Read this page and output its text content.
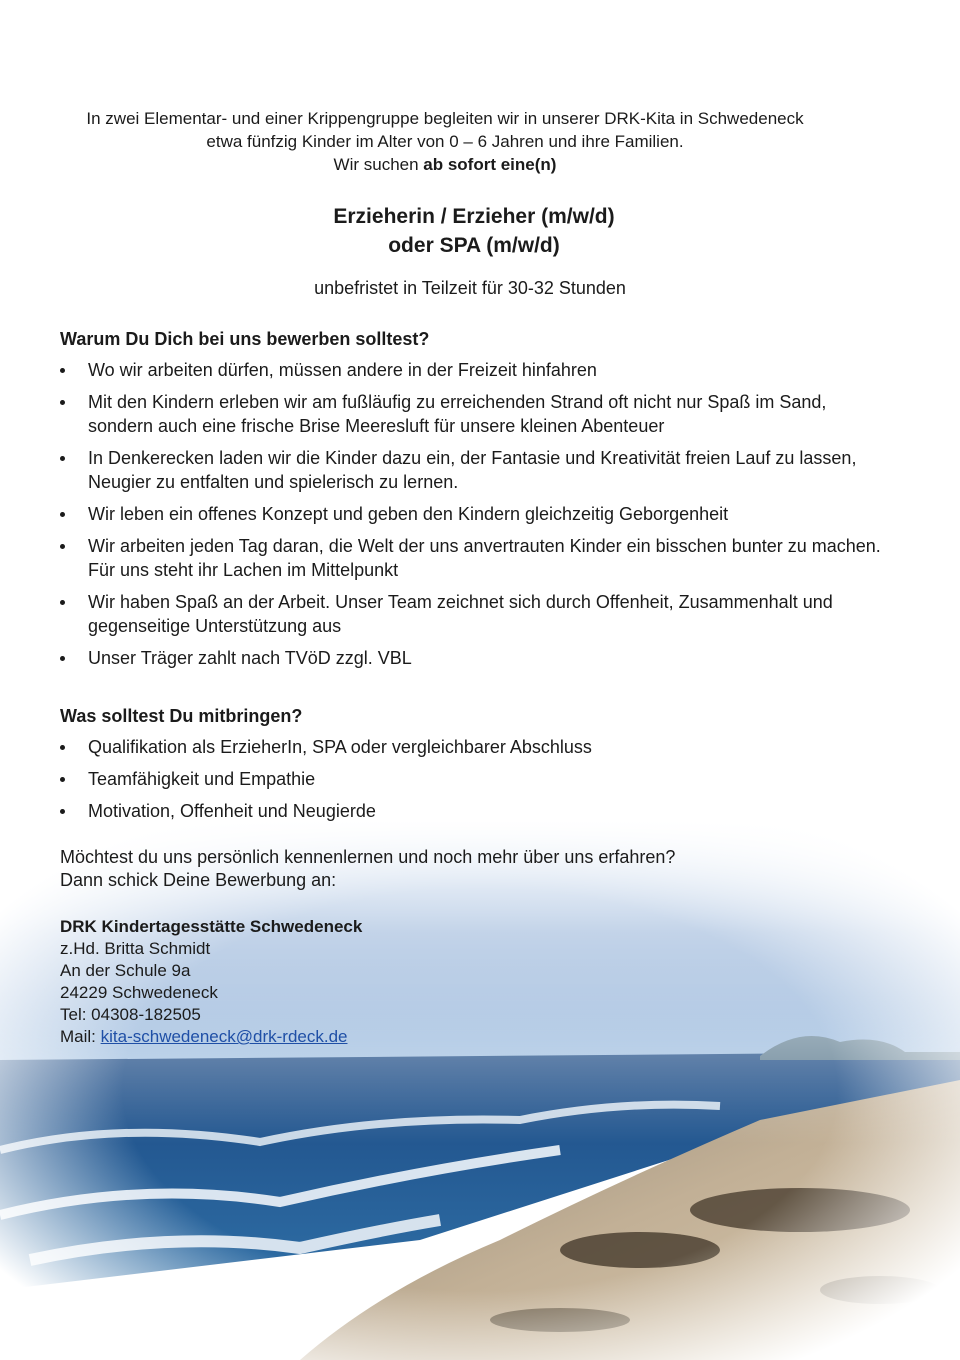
In zwei Elementar- und einer Krippengruppe begleiten wir in unserer DRK-Kita in Schwedeneck

etwa fünfzig Kinder im Alter von 0 – 6 Jahren und ihre Familien.

Wir suchen ab sofort eine(n)

Erzieherin / Erzieher (m/w/d)

oder SPA (m/w/d)

unbefristet in Teilzeit für 30-32 Stunden
Warum Du Dich bei uns bewerben solltest?
Wo wir arbeiten dürfen, müssen andere in der Freizeit hinfahren
Mit den Kindern erleben wir am fußläufig zu erreichenden Strand oft nicht nur Spaß im Sand, sondern auch eine frische Brise Meeresluft für unsere kleinen Abenteuer
In Denkerecken laden wir die Kinder dazu ein, der Fantasie und Kreativität freien Lauf zu lassen, Neugier zu entfalten und spielerisch zu lernen.
Wir leben ein offenes Konzept und geben den Kindern gleichzeitig Geborgenheit
Wir arbeiten jeden Tag daran, die Welt der uns anvertrauten Kinder ein bisschen bunter zu machen. Für uns steht ihr Lachen im Mittelpunkt
Wir haben Spaß an der Arbeit. Unser Team zeichnet sich durch Offenheit, Zusammenhalt und gegenseitige Unterstützung aus
Unser Träger zahlt nach TVöD zzgl. VBL
Was solltest Du mitbringen?
Qualifikation als ErzieherIn, SPA oder vergleichbarer Abschluss
Teamfähigkeit und Empathie
Motivation, Offenheit und Neugierde

Möchtest du uns persönlich kennenlernen und noch mehr über uns erfahren?

Dann schick Deine Bewerbung an:

DRK Kindertagesstätte Schwedeneck

z.Hd. Britta Schmidt

An der Schule 9a

24229 Schwedeneck

Tel: 04308-182505

Mail: kita-schwedeneck@drk-rdeck.de
